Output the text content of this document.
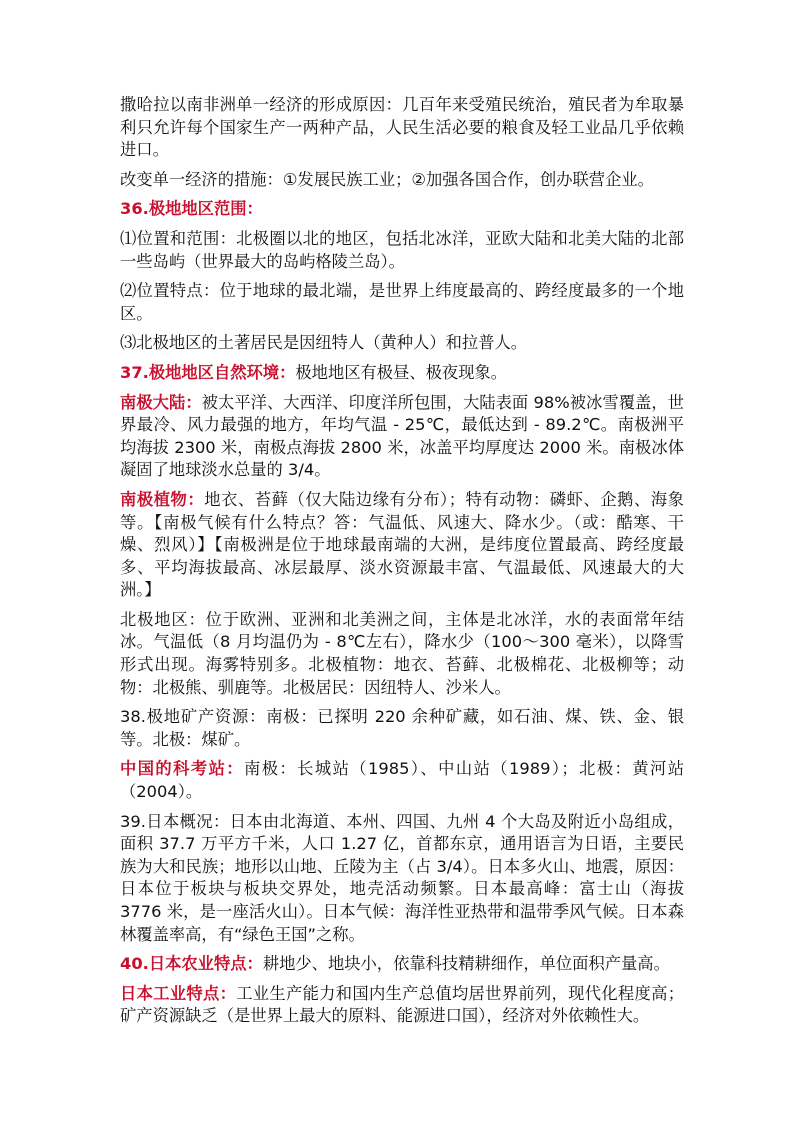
撒哈拉以南非洲单一经济的形成原因：几百年来受殖民统治，殖民者为牟取暴利只允许每个国家生产一两种产品，人民生活必要的粮食及轻工业品几乎依赖进口。

改变单一经济的措施：①发展民族工业；②加强各国合作，创办联营企业。

36.极地地区范围：

⑴位置和范围：北极圈以北的地区，包括北冰洋，亚欧大陆和北美大陆的北部一些岛屿（世界最大的岛屿格陵兰岛）。

⑵位置特点：位于地球的最北端，是世界上纬度最高的、跨经度最多的一个地区。

⑶北极地区的土著居民是因纽特人（黄种人）和拉普人。

37.极地地区自然环境：极地地区有极昼、极夜现象。

南极大陆：被太平洋、大西洋、印度洋所包围，大陆表面 98%被冰雪覆盖，世界最冷、风力最强的地方，年均气温 - 25℃，最低达到 - 89.2℃。南极洲平均海拔 2300 米，南极点海拔 2800 米，冰盖平均厚度达 2000 米。南极冰体凝固了地球淡水总量的 3/4。

南极植物：地衣、苔藓（仅大陆边缘有分布）；特有动物：磷虾、企鹅、海象等。【南极气候有什么特点？答：气温低、风速大、降水少。（或：酷寒、干燥、烈风）】【南极洲是位于地球最南端的大洲，是纬度位置最高、跨经度最多、平均海拔最高、冰层最厚、淡水资源最丰富、气温最低、风速最大的大洲。】

北极地区：位于欧洲、亚洲和北美洲之间，主体是北冰洋，水的表面常年结冰。气温低（8 月均温仍为 - 8℃左右），降水少（100～300 毫米），以降雪形式出现。海雾特别多。北极植物：地衣、苔藓、北极棉花、北极柳等；动物：北极熊、驯鹿等。北极居民：因纽特人、沙米人。

38.极地矿产资源：南极：已探明 220 余种矿藏，如石油、煤、铁、金、银等。北极：煤矿。

中国的科考站：南极：长城站（1985）、中山站（1989）；北极：黄河站（2004）。

39.日本概况：日本由北海道、本州、四国、九州 4 个大岛及附近小岛组成，面积 37.7 万平方千米，人口 1.27 亿，首都东京，通用语言为日语，主要民族为大和民族；地形以山地、丘陵为主（占 3/4）。日本多火山、地震，原因：日本位于板块与板块交界处，地壳活动频繁。日本最高峰：富士山（海拔 3776 米，是一座活火山）。日本气候：海洋性亚热带和温带季风气候。日本森林覆盖率高，有“绿色王国”之称。

40.日本农业特点：耕地少、地块小，依靠科技精耕细作，单位面积产量高。

日本工业特点：工业生产能力和国内生产总值均居世界前列，现代化程度高；矿产资源缺乏（是世界上最大的原料、能源进口国），经济对外依赖性大。
